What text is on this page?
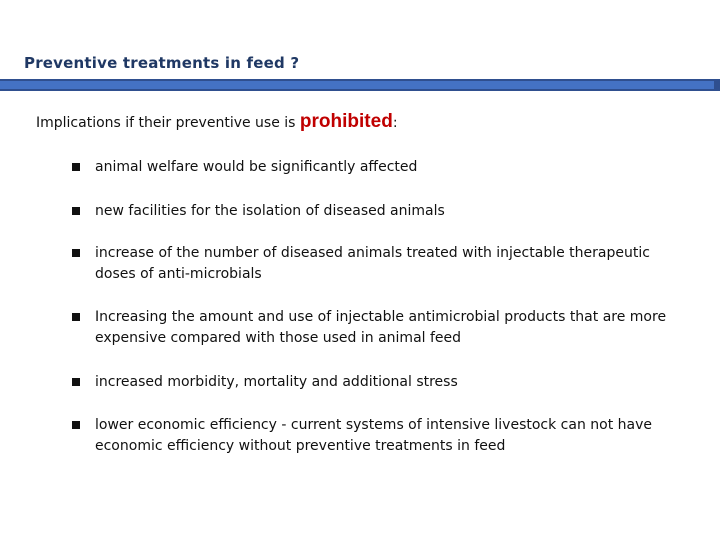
Preventive treatments in feed ?
Implications if their preventive use is prohibited:
animal welfare would be significantly affected
new facilities for the isolation of diseased animals
increase of the number of diseased animals treated with injectable therapeutic doses of anti-microbials
Increasing the amount and use of injectable antimicrobial products that are more expensive compared with those used in animal feed
increased morbidity, mortality and additional stress
lower economic efficiency - current systems of intensive livestock can not have economic efficiency without preventive treatments in feed
